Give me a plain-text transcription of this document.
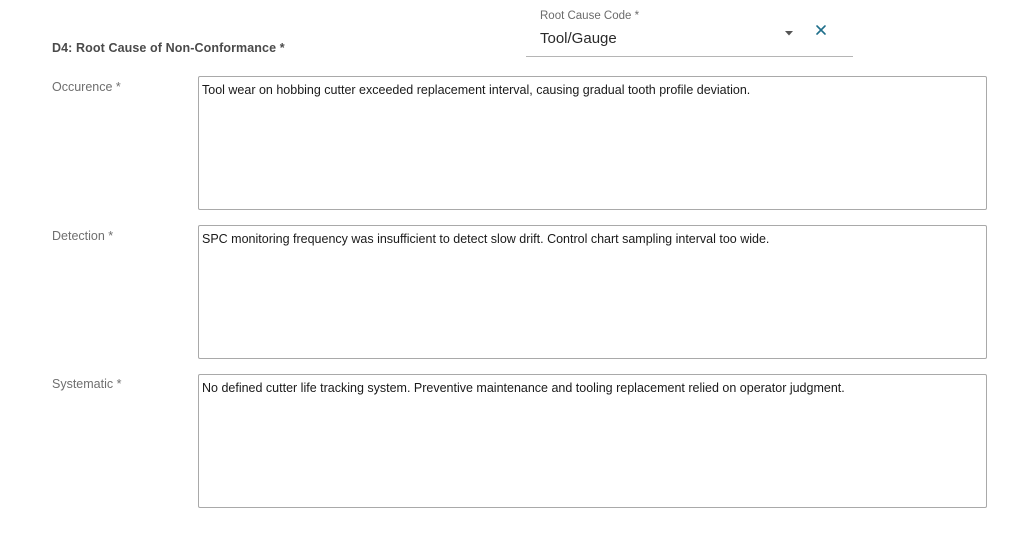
D4: Root Cause of Non-Conformance *
Root Cause Code *
Tool/Gauge
Occurence *	Tool wear on hobbing cutter exceeded replacement interval, causing gradual tooth profile deviation.
Detection *	SPC monitoring frequency was insufficient to detect slow drift. Control chart sampling interval too wide.
Systematic *	No defined cutter life tracking system. Preventive maintenance and tooling replacement relied on operator judgment.
